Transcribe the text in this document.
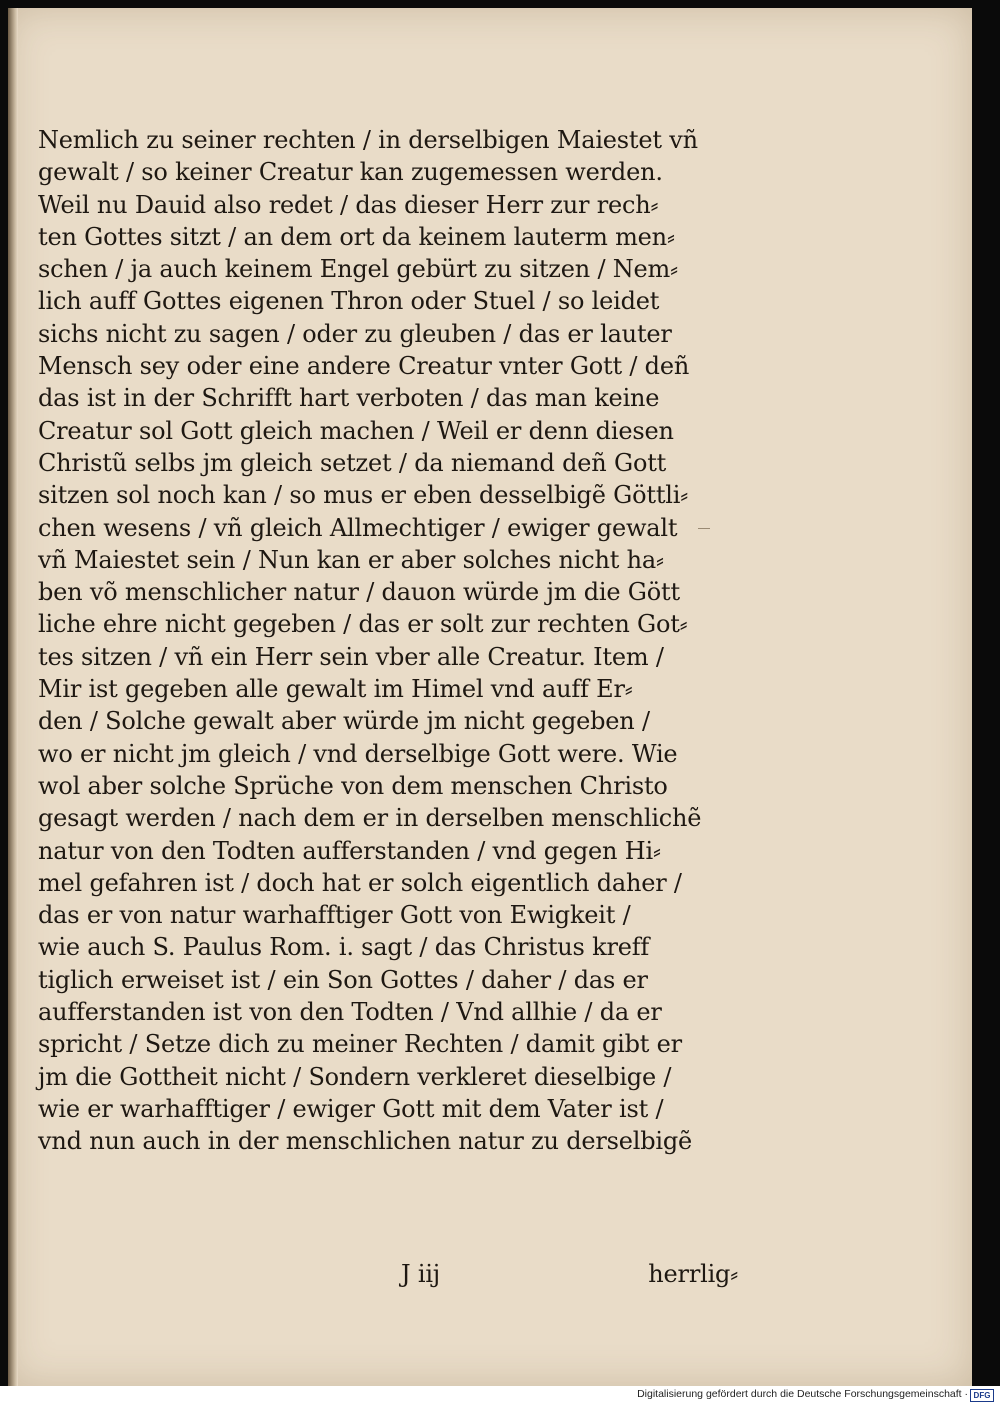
Nemlich zu seiner rechten / in derselbigen Maiestet vñ
gewalt / so keiner Creatur kan zugemessen werden.
Weil nu Dauid also redet / das dieser Herr zur rech⸗
ten Gottes sitzt / an dem ort da keinem lauterm men⸗
schen / ja auch keinem Engel gebürt zu sitzen / Nem⸗
lich auff Gottes eigenen Thron oder Stuel / so leidet
sichs nicht zu sagen / oder zu gleuben / das er lauter
Mensch sey oder eine andere Creatur vnter Gott / deñ
das ist in der Schrifft hart verboten / das man keine
Creatur sol Gott gleich machen / Weil er denn diesen
Christũ selbs jm gleich setzet / da niemand deñ Gott
sitzen sol noch kan / so mus er eben desselbigẽ Göttli⸗
chen wesens / vñ gleich Allmechtiger / ewiger gewalt
vñ Maiestet sein / Nun kan er aber solches nicht ha⸗
ben võ menschlicher natur / dauon würde jm die Gött
liche ehre nicht gegeben / das er solt zur rechten Got⸗
tes sitzen / vñ ein Herr sein vber alle Creatur. Item /
Mir ist gegeben alle gewalt im Himel vnd auff Er⸗
den / Solche gewalt aber würde jm nicht gegeben /
wo er nicht jm gleich / vnd derselbige Gott were. Wie
wol aber solche Sprüche von dem menschen Christo
gesagt werden / nach dem er in derselben menschlichẽ
natur von den Todten aufferstanden / vnd gegen Hi⸗
mel gefahren ist / doch hat er solch eigentlich daher /
das er von natur warhafftiger Gott von Ewigkeit /
wie auch S. Paulus Rom. i. sagt / das Christus kreff
tiglich erweiset ist / ein Son Gottes / daher / das er
aufferstanden ist von den Todten / Vnd allhie / da er
spricht / Setze dich zu meiner Rechten / damit gibt er
jm die Gottheit nicht / Sondern verkleret dieselbige /
wie er warhafftiger / ewiger Gott mit dem Vater ist /
vnd nun auch in der menschlichen natur zu derselbigẽ
J iij	herrlig⸗
Digitalisierung gefördert durch die Deutsche Forschungsgemeinschaft · DFG
